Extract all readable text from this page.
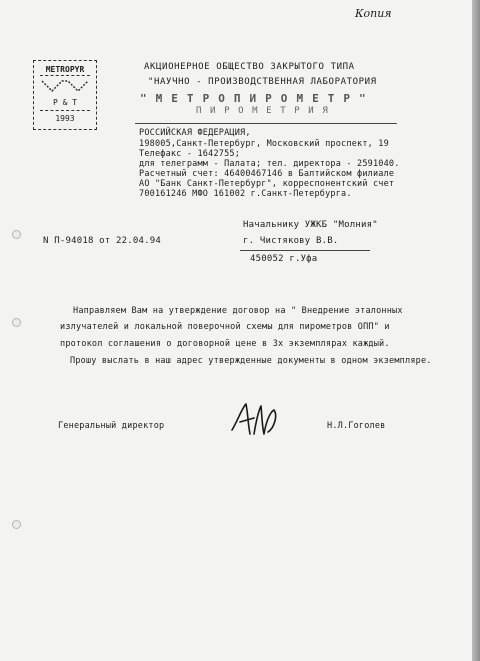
Копия
METROPYR
P & T
1993
АКЦИОНЕРНОЕ ОБЩЕСТВО ЗАКРЫТОГО ТИПА
"НАУЧНО - ПРОИЗВОДСТВЕННАЯ ЛАБОРАТОРИЯ
" М Е Т Р О П И Р О М Е Т Р "
П И Р О М Е Т Р И Я
РОССИЙСКАЯ ФЕДЕРАЦИЯ,
198005,Санкт-Петербург, Московский проспект, 19
Телефакс - 1642755;
для телеграмм - Палата; тел. директора - 2591040.
Расчетный счет: 46400467146 в Балтийском филиале
АО "Банк Санкт-Петербург", корреспонентский счет
700161246 МФО 161002 г.Санкт-Петербурга.
Начальнику УЖКБ "Молния"
г. Чистякову В.В.
450052 г.Уфа
N П-94018 от 22.04.94
Направляем Вам на утверждение договор на " Внедрение эталонных
излучателей и локальной поверочной схемы для пирометров ОПП" и
протокол соглашения о договорной цене в 3х экземплярах каждый.
Прошу выслать в наш адрес утвержденные документы в одном экземпляре.
Генеральный директор	Н.Л.Гоголев
